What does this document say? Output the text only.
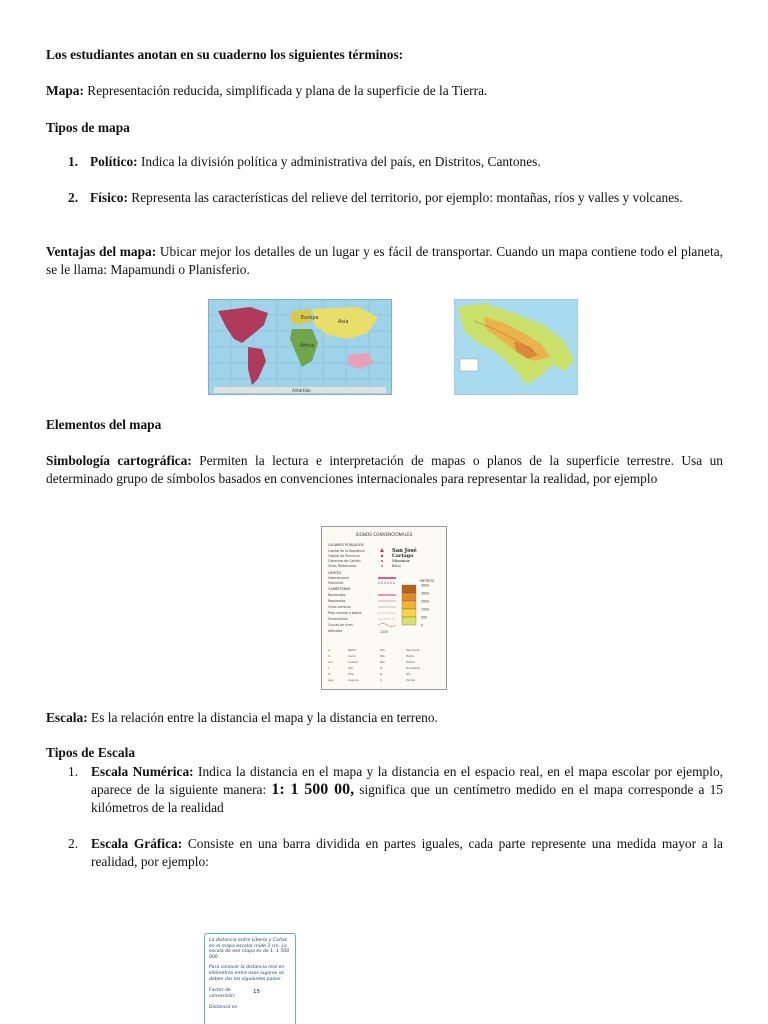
Los estudiantes anotan en su cuaderno los siguientes términos:

Mapa: Representación reducida, simplificada y plana de la superficie de la Tierra.

Tipos de mapa

1. Político: Indica la división política y administrativa del país, en Distritos, Cantones.
2. Físico: Representa las características del relieve del territorio, por ejemplo: montañas, ríos y valles y volcanes.

Ventajas del mapa: Ubicar mejor los detalles de un lugar y es fácil de transportar. Cuando un mapa contiene todo el planeta, se le llama: Mapamundi o Planisferio.

Europa
Asia
África
Antártida

Elementos del mapa

Simbología cartográfica: Permiten la lectura e interpretación de mapas o planos de la superficie terrestre. Usa un determinado grupo de símbolos basados en convenciones internacionales para representar la realidad, por ejemplo

SIGNOS CONVENCIONALES
LUGARES POBLADOS
Capital de la República
Capital de Provincia
Cabecera de Cantón
Otras Poblaciones
San José
Cartago
Miramar
Esco
LÍMITES
Internacional
Provincial
CARRETERAS
Nacionales
Regionales
Otros caminos
Paso carreta o bestia
Ferrocarriles
Curvas de nivel
Altitudes	1230
METROS
4000
3000
2000
1000
500
0
A.
C.
Cd.
I.
H.
Lag.
Bahía
Cerro
Ciudad
Isla
Hda.
Laguna
Pen.
Pta.
Pto.
Q.
R.
V.
Península
Punta
Puerto
Quebrada
Río
Volcán

Escala: Es la relación entre la distancia el mapa y la distancia en terreno.

Tipos de Escala

1. Escala Numérica: Indica la distancia en el mapa y la distancia en el espacio real, en el mapa escolar por ejemplo, aparece de la siguiente manera: 1: 1 500 00, significa que un centímetro medido en el mapa corresponde a 15 kilómetros de la realidad
2. Escala Gráfica: Consiste en una barra dividida en partes iguales, cada parte represente una medida mayor a la realidad, por ejemplo:
La distancia entre Liberia y Cañas en el mapa escolar mide 3 cm. La escala de ese mapa es de 1: 1 500 000.
Para conocer la distancia real en kilómetros entre esos lugares se deben dar los siguientes pasos:
Factor de conversión:
15
Distancia en
